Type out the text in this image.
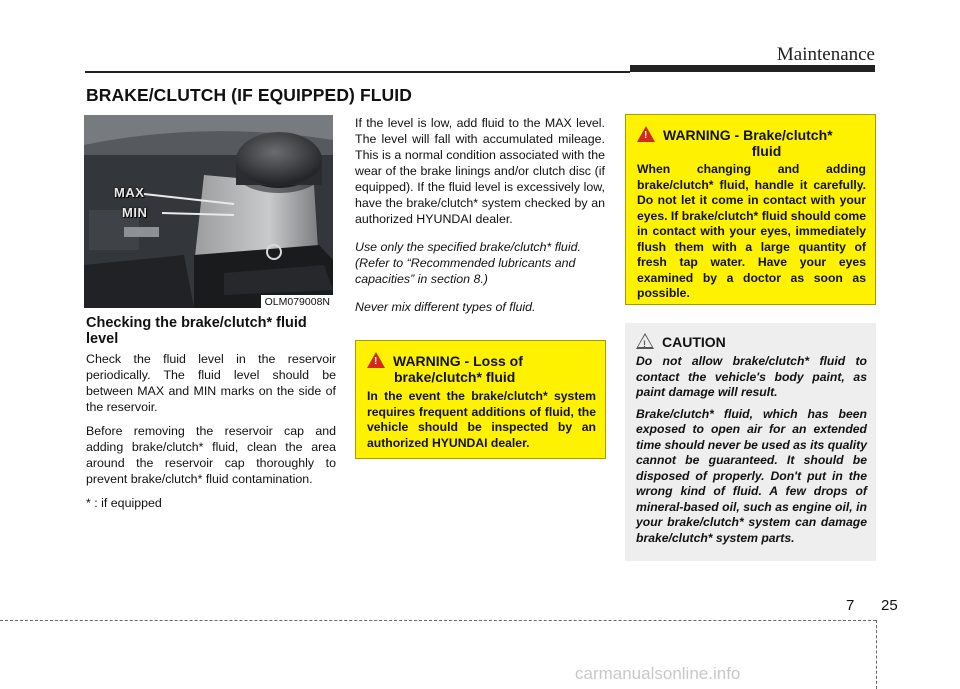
Maintenance
BRAKE/CLUTCH (IF EQUIPPED) FLUID
MAX
MIN
OLM079008N
Checking the brake/clutch* fluid level

Check the fluid level in the reservoir periodically. The fluid level should be between MAX and MIN marks on the side of the reservoir.

Before removing the reservoir cap and adding brake/clutch* fluid, clean the area around the reservoir cap thoroughly to prevent brake/clutch* fluid contamination.

* : if equipped

If the level is low, add fluid to the MAX level. The level will fall with accumulated mileage. This is a normal condition associated with the wear of the brake linings and/or clutch disc (if equipped). If the fluid level is excessively low, have the brake/clutch* system checked by an authorized HYUNDAI dealer.

Use only the specified brake/clutch* fluid. (Refer to “Recommended lubricants and capacities” in section 8.)

Never mix different types of fluid.

!WARNING - Loss of
brake/clutch* fluid
In the event the brake/clutch* system requires frequent additions of fluid, the vehicle should be inspected by an authorized HYUNDAI dealer.
!WARNING - Brake/clutch*
fluid
When changing and adding brake/clutch* fluid, handle it carefully. Do not let it come in contact with your eyes. If brake/clutch* fluid should come in contact with your eyes, immediately flush them with a large quantity of fresh tap water. Have your eyes examined by a doctor as soon as possible.
!CAUTION

Do not allow brake/clutch* fluid to contact the vehicle's body paint, as paint damage will result.

Brake/clutch* fluid, which has been exposed to open air for an extended time should never be used as its quality cannot be guaranteed. It should be disposed of properly. Don't put in the wrong kind of fluid. A few drops of mineral-based oil, such as engine oil, in your brake/clutch* system can damage brake/clutch* system parts.

7 25
carmanualsonline.info
